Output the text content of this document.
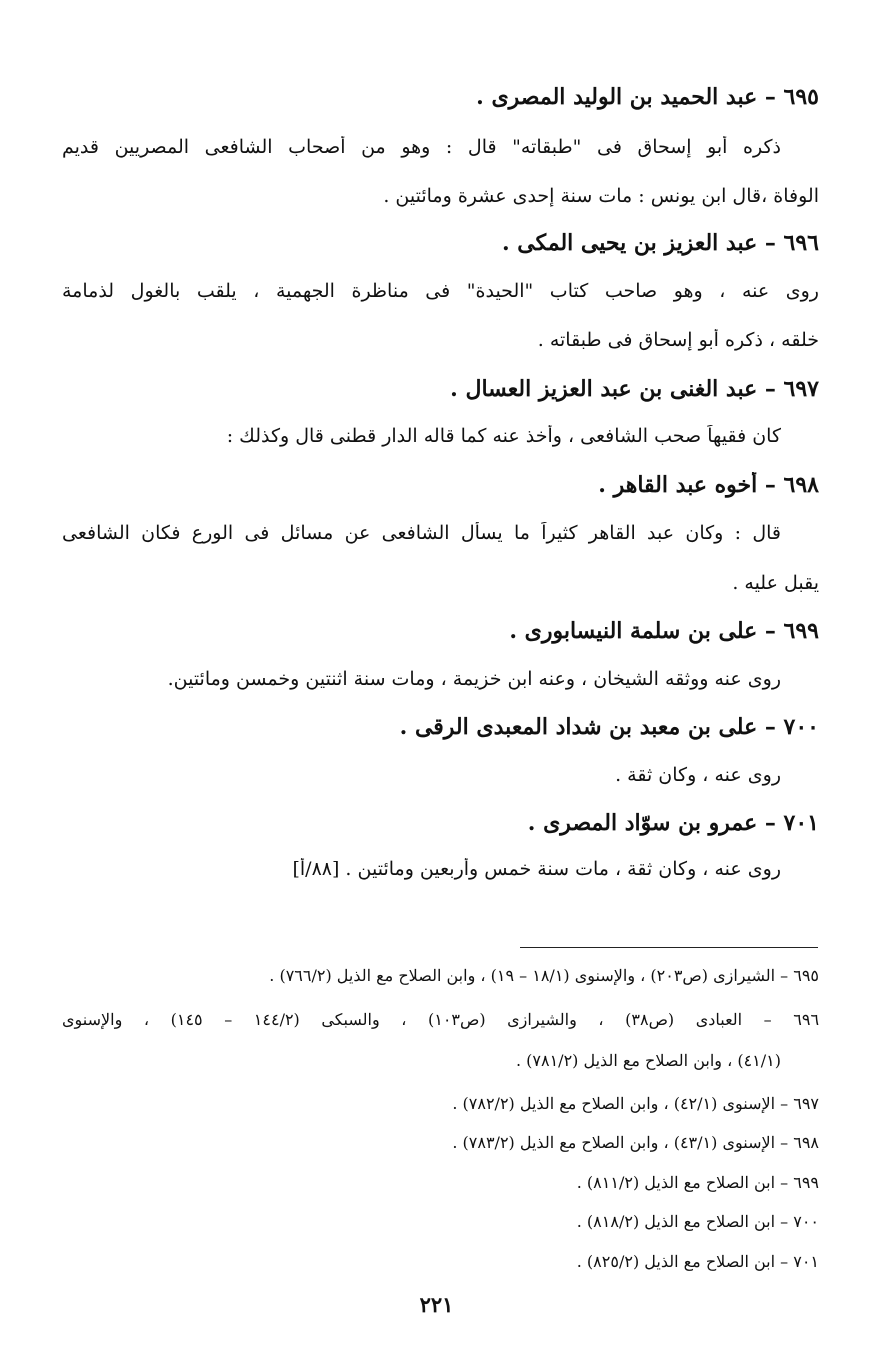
٦٩٥ – عبد الحميد بن الوليد المصرى .
ذكره أبو إسحاق فى "طبقاته" قال : وهو من أصحاب الشافعى المصريين قديم
الوفاة ،قال ابن يونس : مات سنة إحدى عشرة ومائتين .
٦٩٦ – عبد العزيز بن يحيى المكى .
روى عنه ، وهو صاحب كتاب "الحيدة" فى مناظرة الجهمية ، يلقب بالغول لذمامة
خلقه ، ذكره أبو إسحاق فى طبقاته .
٦٩٧ – عبد الغنى بن عبد العزيز العسال .
كان فقيهاً صحب الشافعى ، وأخذ عنه كما قاله الدار قطنى قال وكذلك :
٦٩٨ – أخوه عبد القاهر .
قال : وكان عبد القاهر كثيراً ما يسأل الشافعى عن مسائل فى الورع فكان الشافعى
يقبل عليه .
٦٩٩ – على بن سلمة النيسابورى .
روى عنه ووثقه الشيخان ، وعنه ابن خزيمة ، ومات سنة اثنتين وخمسن ومائتين.
٧٠٠ – على بن معبد بن شداد المعبدى الرقى .
روى عنه ، وكان ثقة .
٧٠١ – عمرو بن سوّاد المصرى .
روى عنه ، وكان ثقة ، مات سنة خمس وأربعين ومائتين . [٨٨/أ]
٦٩٥ – الشيرازى (ص٢٠٣) ، والإسنوى (١٨/١ – ١٩) ، وابن الصلاح مع الذيل (٧٦٦/٢) .
٦٩٦ – العبادى (ص٣٨) ، والشيرازى (ص١٠٣) ، والسبكى (١٤٤/٢ – ١٤٥) ، والإسنوى
(٤١/١) ، وابن الصلاح مع الذيل (٧٨١/٢) .
٦٩٧ – الإسنوى (٤٢/١) ، وابن الصلاح مع الذيل (٧٨٢/٢) .
٦٩٨ – الإسنوى (٤٣/١) ، وابن الصلاح مع الذيل (٧٨٣/٢) .
٦٩٩ – ابن الصلاح مع الذيل (٨١١/٢) .
٧٠٠ – ابن الصلاح مع الذيل (٨١٨/٢) .
٧٠١ – ابن الصلاح مع الذيل (٨٢٥/٢) .
٢٢١
